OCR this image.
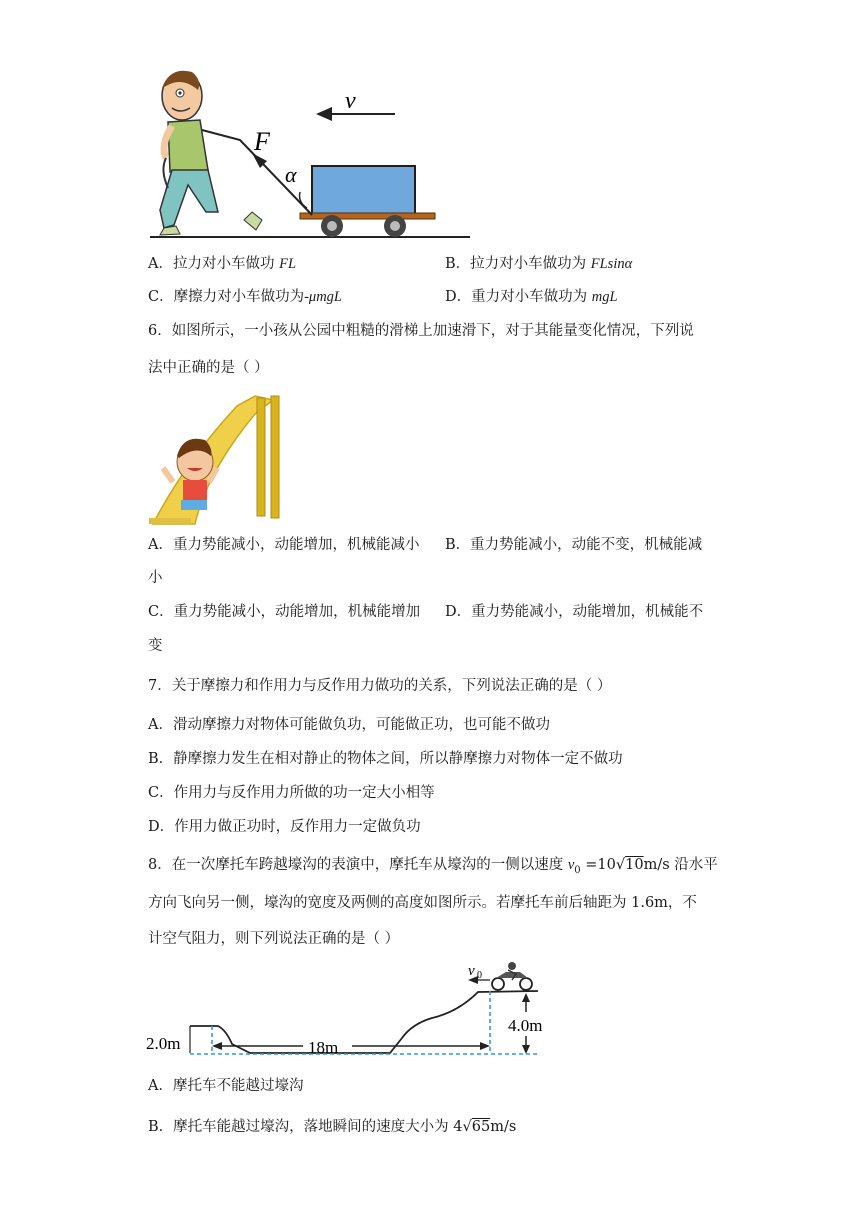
v
F
α
A．拉力对小车做功 FL	B．拉力对小车做功为 FLsinα
C．摩擦力对小车做功为-μmgL	D．重力对小车做功为 mgL
6．如图所示，一小孩从公园中粗糙的滑梯上加速滑下，对于其能量变化情况，下列说
法中正确的是（ ）
A．重力势能减小，动能增加，机械能减小 B．重力势能减小，动能不变，机械能减
小
C．重力势能减小，动能增加，机械能增加 D．重力势能减小，动能增加，机械能不
变
7．关于摩擦力和作用力与反作用力做功的关系，下列说法正确的是（ ）
A．滑动摩擦力对物体可能做负功，可能做正功，也可能不做功
B．静摩擦力发生在相对静止的物体之间，所以静摩擦力对物体一定不做功
C．作用力与反作用力所做的功一定大小相等
D．作用力做正功时，反作用力一定做负功
8．在一次摩托车跨越壕沟的表演中，摩托车从壕沟的一侧以速度 $v_0 =10√10m/s$ 沿水平
方向飞向另一侧，壕沟的宽度及两侧的高度如图所示。若摩托车前后轴距为 1.6m，不
计空气阻力，则下列说法正确的是（ ）
18m
2.0m
4.0m
v 0
A．摩托车不能越过壕沟
B．摩托车能越过壕沟，落地瞬间的速度大小为 4√65m/s
